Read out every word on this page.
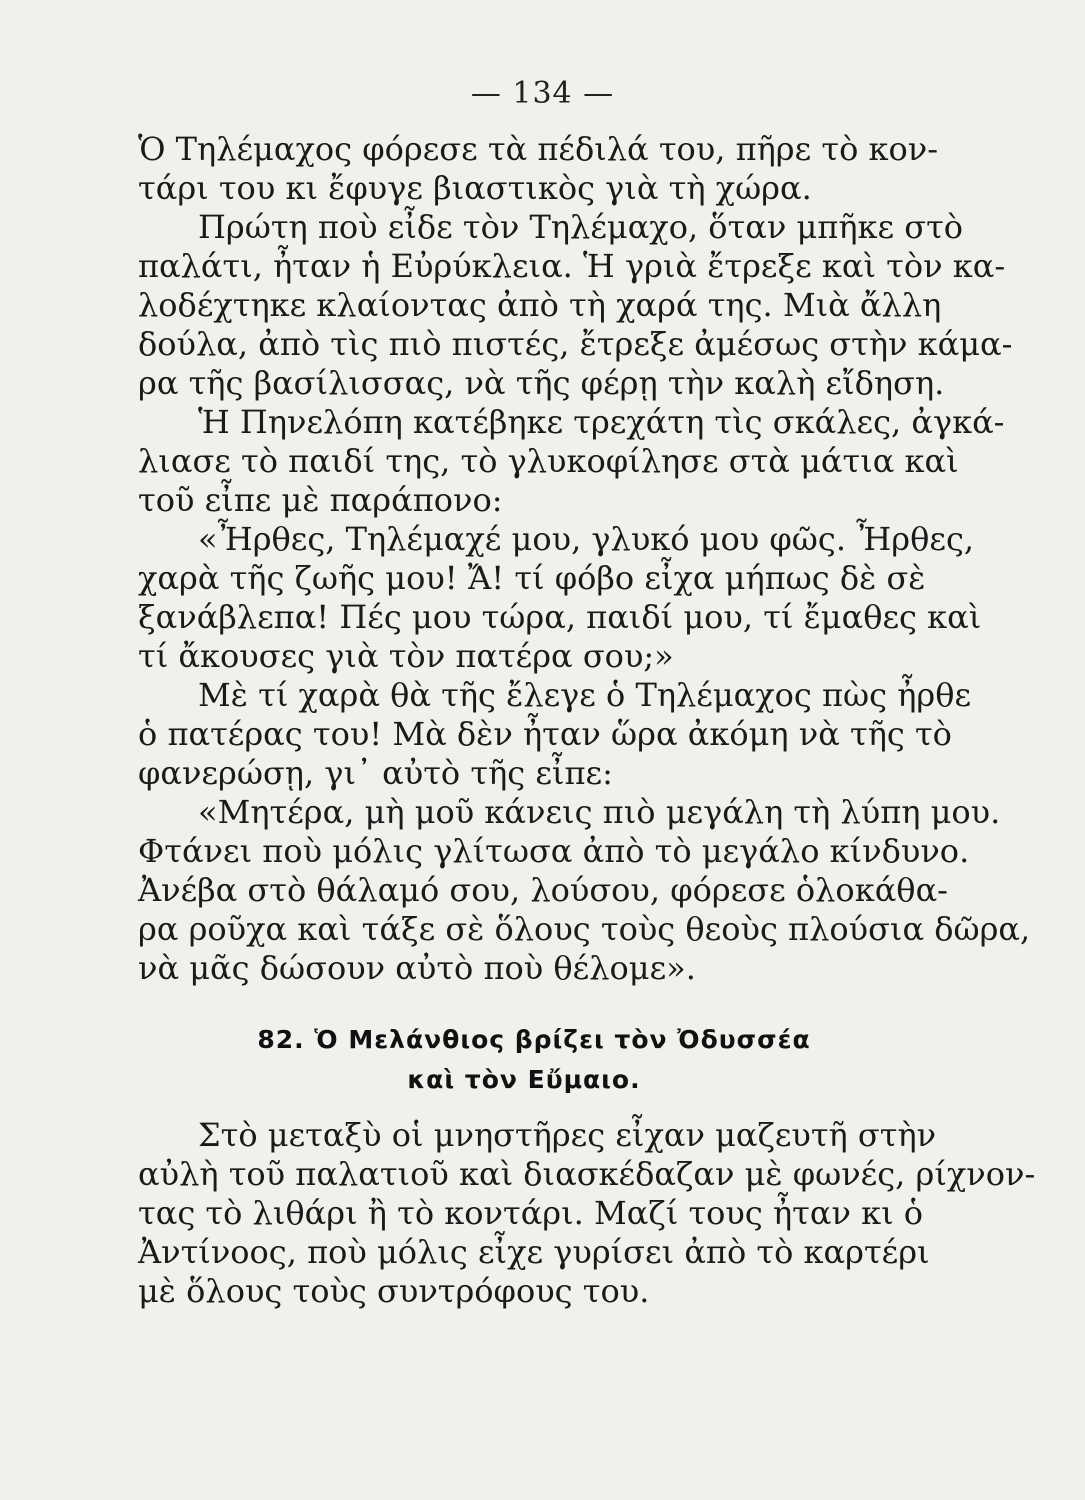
— 134 —
Ὁ Τηλέμαχος φόρεσε τὰ πέδιλά του, πῆρε τὸ κον-
τάρι του κι ἔφυγε βιαστικὸς γιὰ τὴ χώρα.
Πρώτη ποὺ εἶδε τὸν Τηλέμαχο, ὅταν μπῆκε στὸ
παλάτι, ἦταν ἡ Εὐρύκλεια. Ἡ γριὰ ἔτρεξε καὶ τὸν κα-
λοδέχτηκε κλαίοντας ἀπὸ τὴ χαρά της. Μιὰ ἄλλη
δούλα, ἀπὸ τὶς πιὸ πιστές, ἔτρεξε ἀμέσως στὴν κάμα-
ρα τῆς βασίλισσας, νὰ τῆς φέρῃ τὴν καλὴ εἴδηση.
Ἡ Πηνελόπη κατέβηκε τρεχάτη τὶς σκάλες, ἀγκά-
λιασε τὸ παιδί της, τὸ γλυκοφίλησε στὰ μάτια καὶ
τοῦ εἶπε μὲ παράπονο:
«Ἦρθες, Τηλέμαχέ μου, γλυκό μου φῶς. Ἦρθες,
χαρὰ τῆς ζωῆς μου! Ἄ! τί φόβο εἶχα μήπως δὲ σὲ
ξανάβλεπα! Πές μου τώρα, παιδί μου, τί ἔμαθες καὶ
τί ἄκουσες γιὰ τὸν πατέρα σου;»
Μὲ τί χαρὰ θὰ τῆς ἔλεγε ὁ Τηλέμαχος πὼς ἦρθε
ὁ πατέρας του! Μὰ δὲν ἦταν ὥρα ἀκόμη νὰ τῆς τὸ
φανερώσῃ, γι᾿ αὐτὸ τῆς εἶπε:
«Μητέρα, μὴ μοῦ κάνεις πιὸ μεγάλη τὴ λύπη μου.
Φτάνει ποὺ μόλις γλίτωσα ἀπὸ τὸ μεγάλο κίνδυνο.
Ἀνέβα στὸ θάλαμό σου, λούσου, φόρεσε ὁλοκάθα-
ρα ροῦχα καὶ τάξε σὲ ὅλους τοὺς θεοὺς πλούσια δῶρα,
νὰ μᾶς δώσουν αὐτὸ ποὺ θέλομε».
82. Ὁ Μελάνθιος βρίζει τὸν Ὀδυσσέα
καὶ τὸν Εὔμαιο.
Στὸ μεταξὺ οἱ μνηστῆρες εἶχαν μαζευτῆ στὴν
αὐλὴ τοῦ παλατιοῦ καὶ διασκέδαζαν μὲ φωνές, ρίχνον-
τας τὸ λιθάρι ἢ τὸ κοντάρι. Μαζί τους ἦταν κι ὁ
Ἀντίνοος, ποὺ μόλις εἶχε γυρίσει ἀπὸ τὸ καρτέρι
μὲ ὅλους τοὺς συντρόφους του.
